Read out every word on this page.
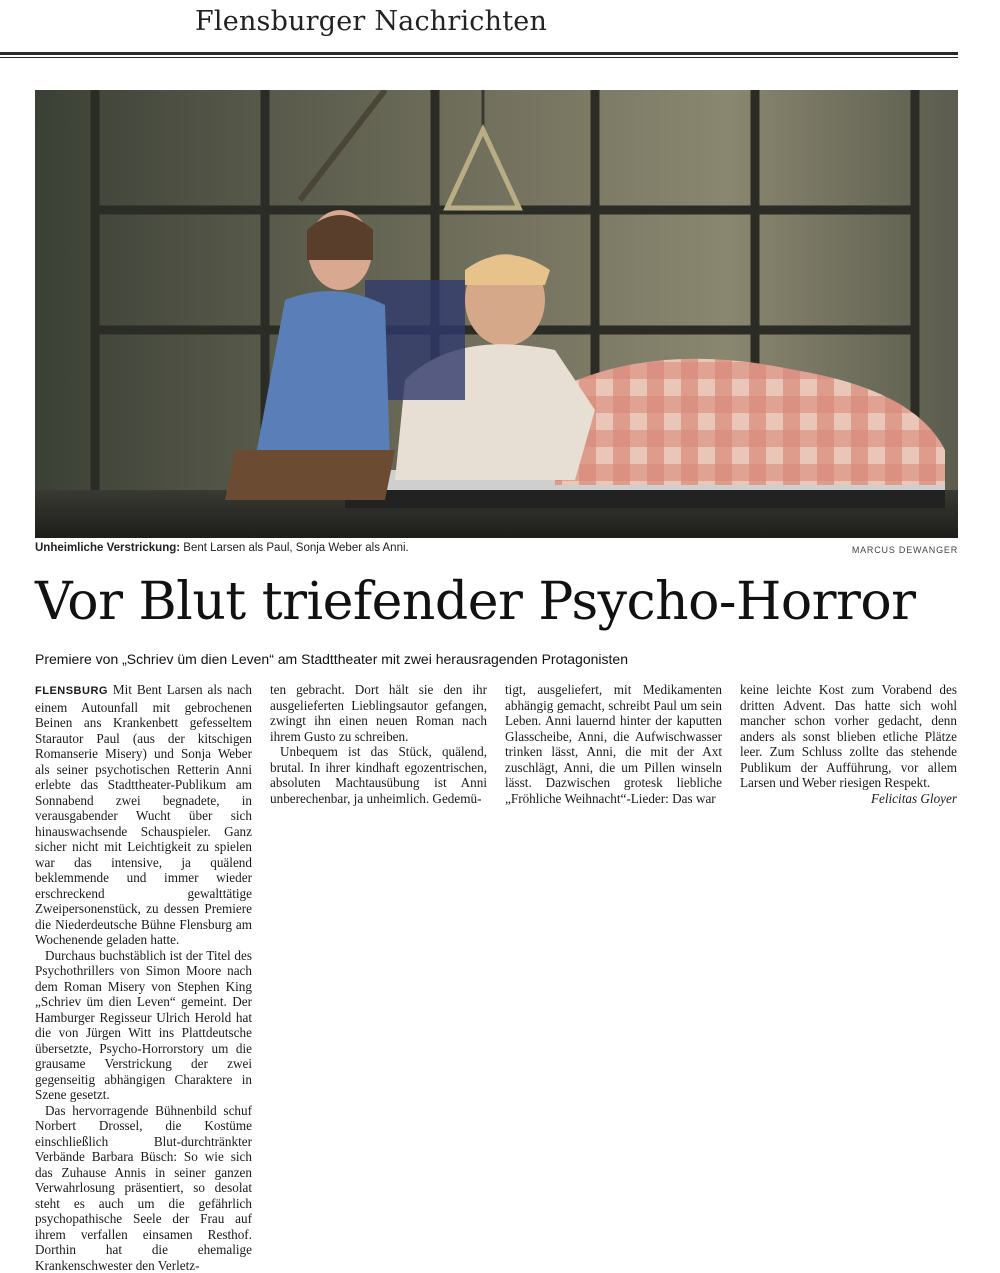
Flensburger Nachrichten
Unheimliche Verstrickung: Bent Larsen als Paul, Sonja Weber als Anni.	MARCUS DEWANGER
Vor Blut triefender Psycho-Horror
Premiere von „Schriev üm dien Leven“ am Stadttheater mit zwei herausragenden Protagonisten

FLENSBURG Mit Bent Larsen als nach einem Autounfall mit gebrochenen Beinen ans Krankenbett gefesseltem Starautor Paul (aus der kitschigen Romanserie Misery) und Sonja Weber als seiner psychotischen Retterin Anni erlebte das Stadttheater-Publikum am Sonnabend zwei begnadete, in verausgabender Wucht über sich hinauswachsende Schauspieler. Ganz sicher nicht mit Leichtigkeit zu spielen war das intensive, ja quälend beklemmende und immer wieder erschreckend gewalttätige Zweipersonenstück, zu dessen Premiere die Niederdeutsche Bühne Flensburg am Wochenende geladen hatte.

Durchaus buchstäblich ist der Titel des Psychothrillers von Simon Moore nach dem Roman Misery von Stephen King „Schriev üm dien Leven“ gemeint. Der Hamburger Regisseur Ulrich Herold hat die von Jürgen Witt ins Plattdeutsche übersetzte, Psycho-Horrorstory um die grausame Verstrickung der zwei gegenseitig abhängigen Charaktere in Szene gesetzt.

Das hervorragende Bühnenbild schuf Norbert Drossel, die Kostüme einschließlich Blut-durchtränkter Verbände Barbara Büsch: So wie sich das Zuhause Annis in seiner ganzen Verwahrlosung präsentiert, so desolat steht es auch um die gefährlich psychopathische Seele der Frau auf ihrem verfallen einsamen Resthof. Dorthin hat die ehemalige Krankenschwester den Verletz-

ten gebracht. Dort hält sie den ihr ausgelieferten Lieblingsautor gefangen, zwingt ihn einen neuen Roman nach ihrem Gusto zu schreiben.

Unbequem ist das Stück, quälend, brutal. In ihrer kindhaft egozentrischen, absoluten Machtausübung ist Anni unberechenbar, ja unheimlich. Gedemü-

tigt, ausgeliefert, mit Medikamenten abhängig gemacht, schreibt Paul um sein Leben. Anni lauernd hinter der kaputten Glasscheibe, Anni, die Aufwischwasser trinken lässt, Anni, die mit der Axt zuschlägt, Anni, die um Pillen winseln lässt. Dazwischen grotesk liebliche „Fröhliche Weihnacht“-Lieder: Das war

keine leichte Kost zum Vorabend des dritten Advent. Das hatte sich wohl mancher schon vorher gedacht, denn anders als sonst blieben etliche Plätze leer. Zum Schluss zollte das stehende Publikum der Aufführung, vor allem Larsen und Weber riesigen Respekt.

Felicitas Gloyer
